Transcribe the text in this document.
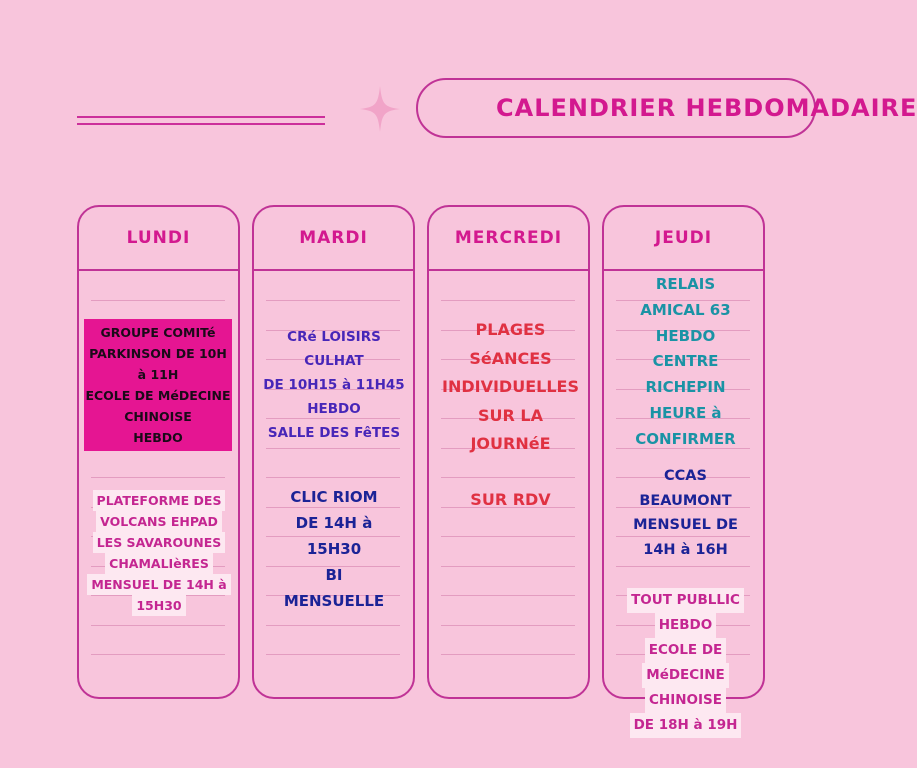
CALENDRIER HEBDOMADAIRE
LUNDI	MARDI	MERCREDI	JEUDI
GROUPE COMITé
PARKINSON DE 10H
à 11H
ECOLE DE MéDECINE
CHINOISE
HEBDO
PLATEFORME DES
VOLCANS EHPAD
LES SAVAROUNES
CHAMALIèRES
MENSUEL DE 14H à
15H30
CRé LOISIRS
CULHAT
DE 10H15 à 11H45
HEBDO
SALLE DES FêTES
CLIC RIOM
DE 14H à
15H30
BI
MENSUELLE
PLAGES
SéANCES
INDIVIDUELLES
SUR LA
JOURNéE
SUR RDV
RELAIS
AMICAL 63
HEBDO
CENTRE
RICHEPIN
HEURE à
CONFIRMER
CCAS
BEAUMONT
MENSUEL DE
14H à 16H
TOUT PUBLLIC
HEBDO
ECOLE DE
MéDECINE
CHINOISE
DE 18H à 19H
